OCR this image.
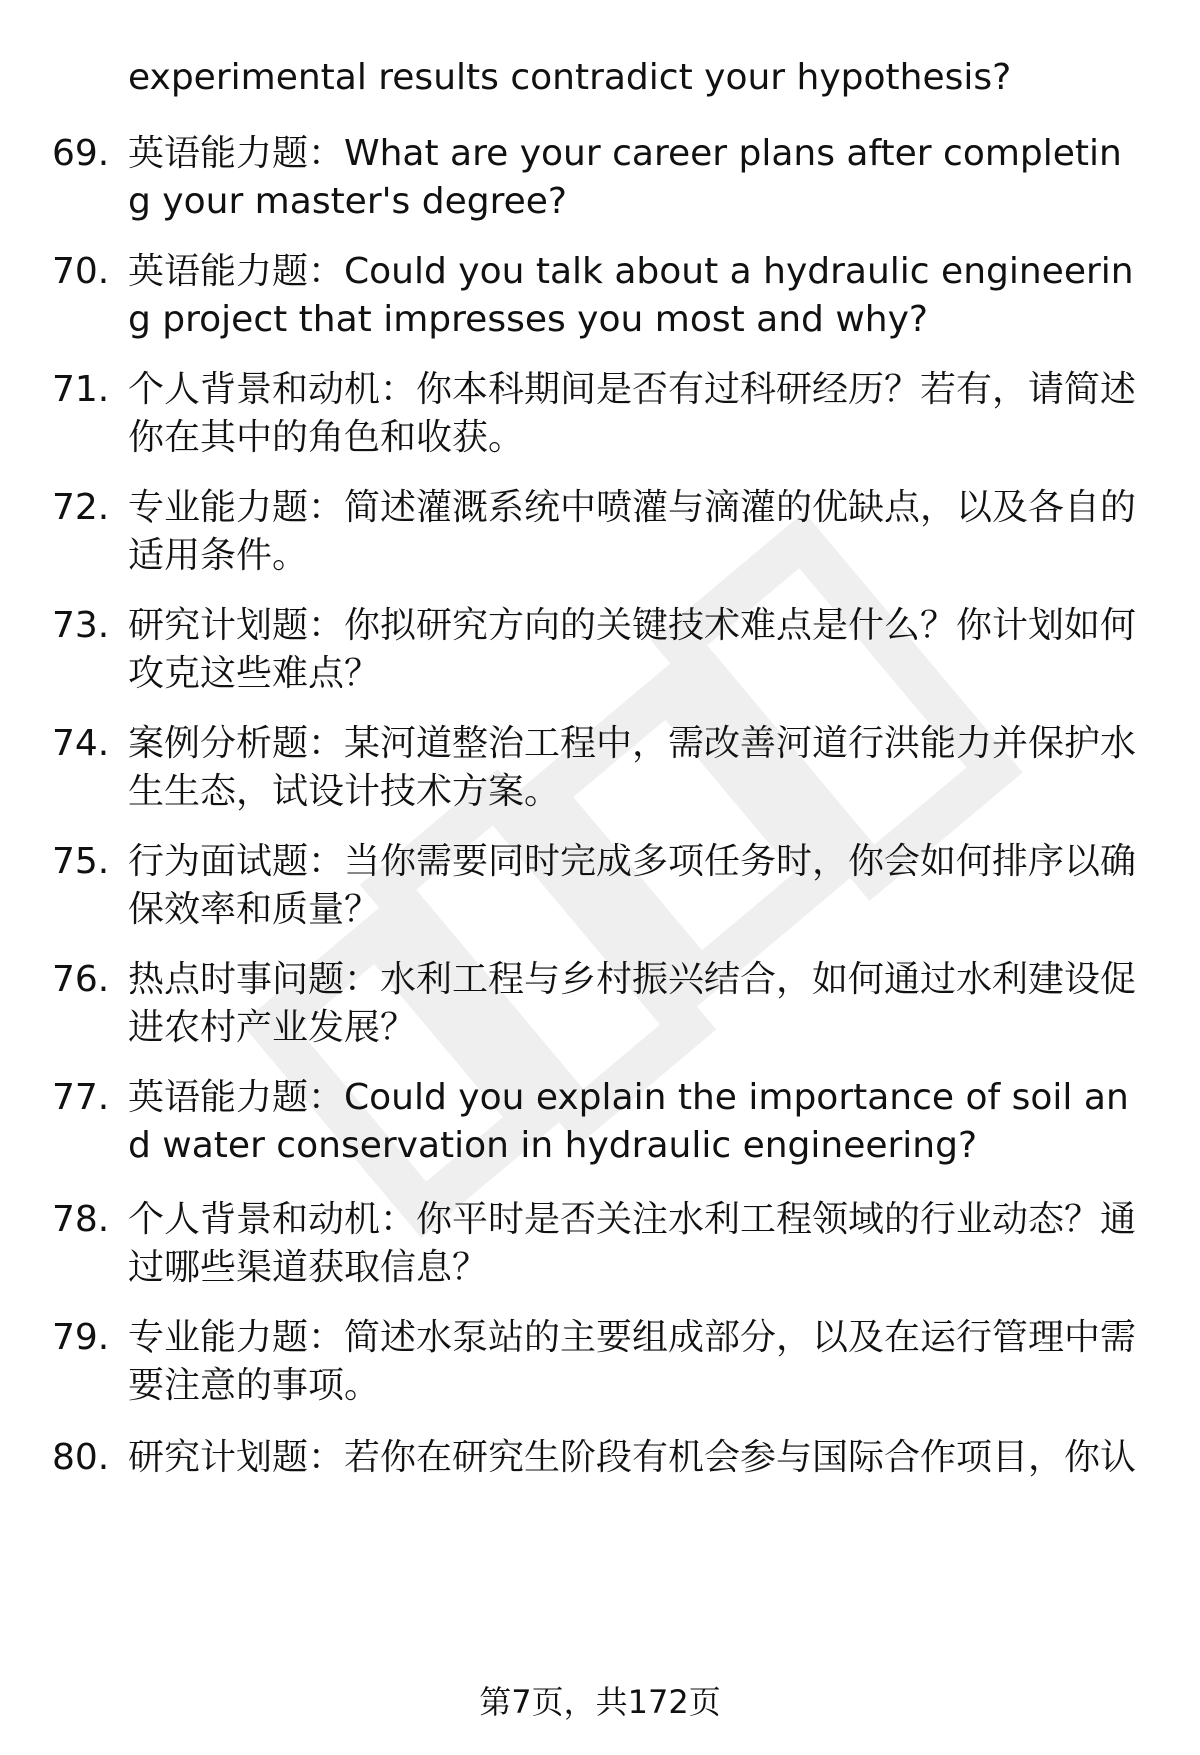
experimental results contradict your hypothesis?
69. 英语能力题：What are your career plans after completing your master's degree?
70. 英语能力题：Could you talk about a hydraulic engineering project that impresses you most and why?
71. 个人背景和动机：你本科期间是否有过科研经历？若有，请简述你在其中的角色和收获。
72. 专业能力题：简述灌溉系统中喷灌与滴灌的优缺点，以及各自的适用条件。
73. 研究计划题：你拟研究方向的关键技术难点是什么？你计划如何攻克这些难点？
74. 案例分析题：某河道整治工程中，需改善河道行洪能力并保护水生生态，试设计技术方案。
75. 行为面试题：当你需要同时完成多项任务时，你会如何排序以确保效率和质量？
76. 热点时事问题：水利工程与乡村振兴结合，如何通过水利建设促进农村产业发展？
77. 英语能力题：Could you explain the importance of soil and water conservation in hydraulic engineering?
78. 个人背景和动机：你平时是否关注水利工程领域的行业动态？通过哪些渠道获取信息？
79. 专业能力题：简述水泵站的主要组成部分，以及在运行管理中需要注意的事项。
80. 研究计划题：若你在研究生阶段有机会参与国际合作项目，你认
第7页，共172页
